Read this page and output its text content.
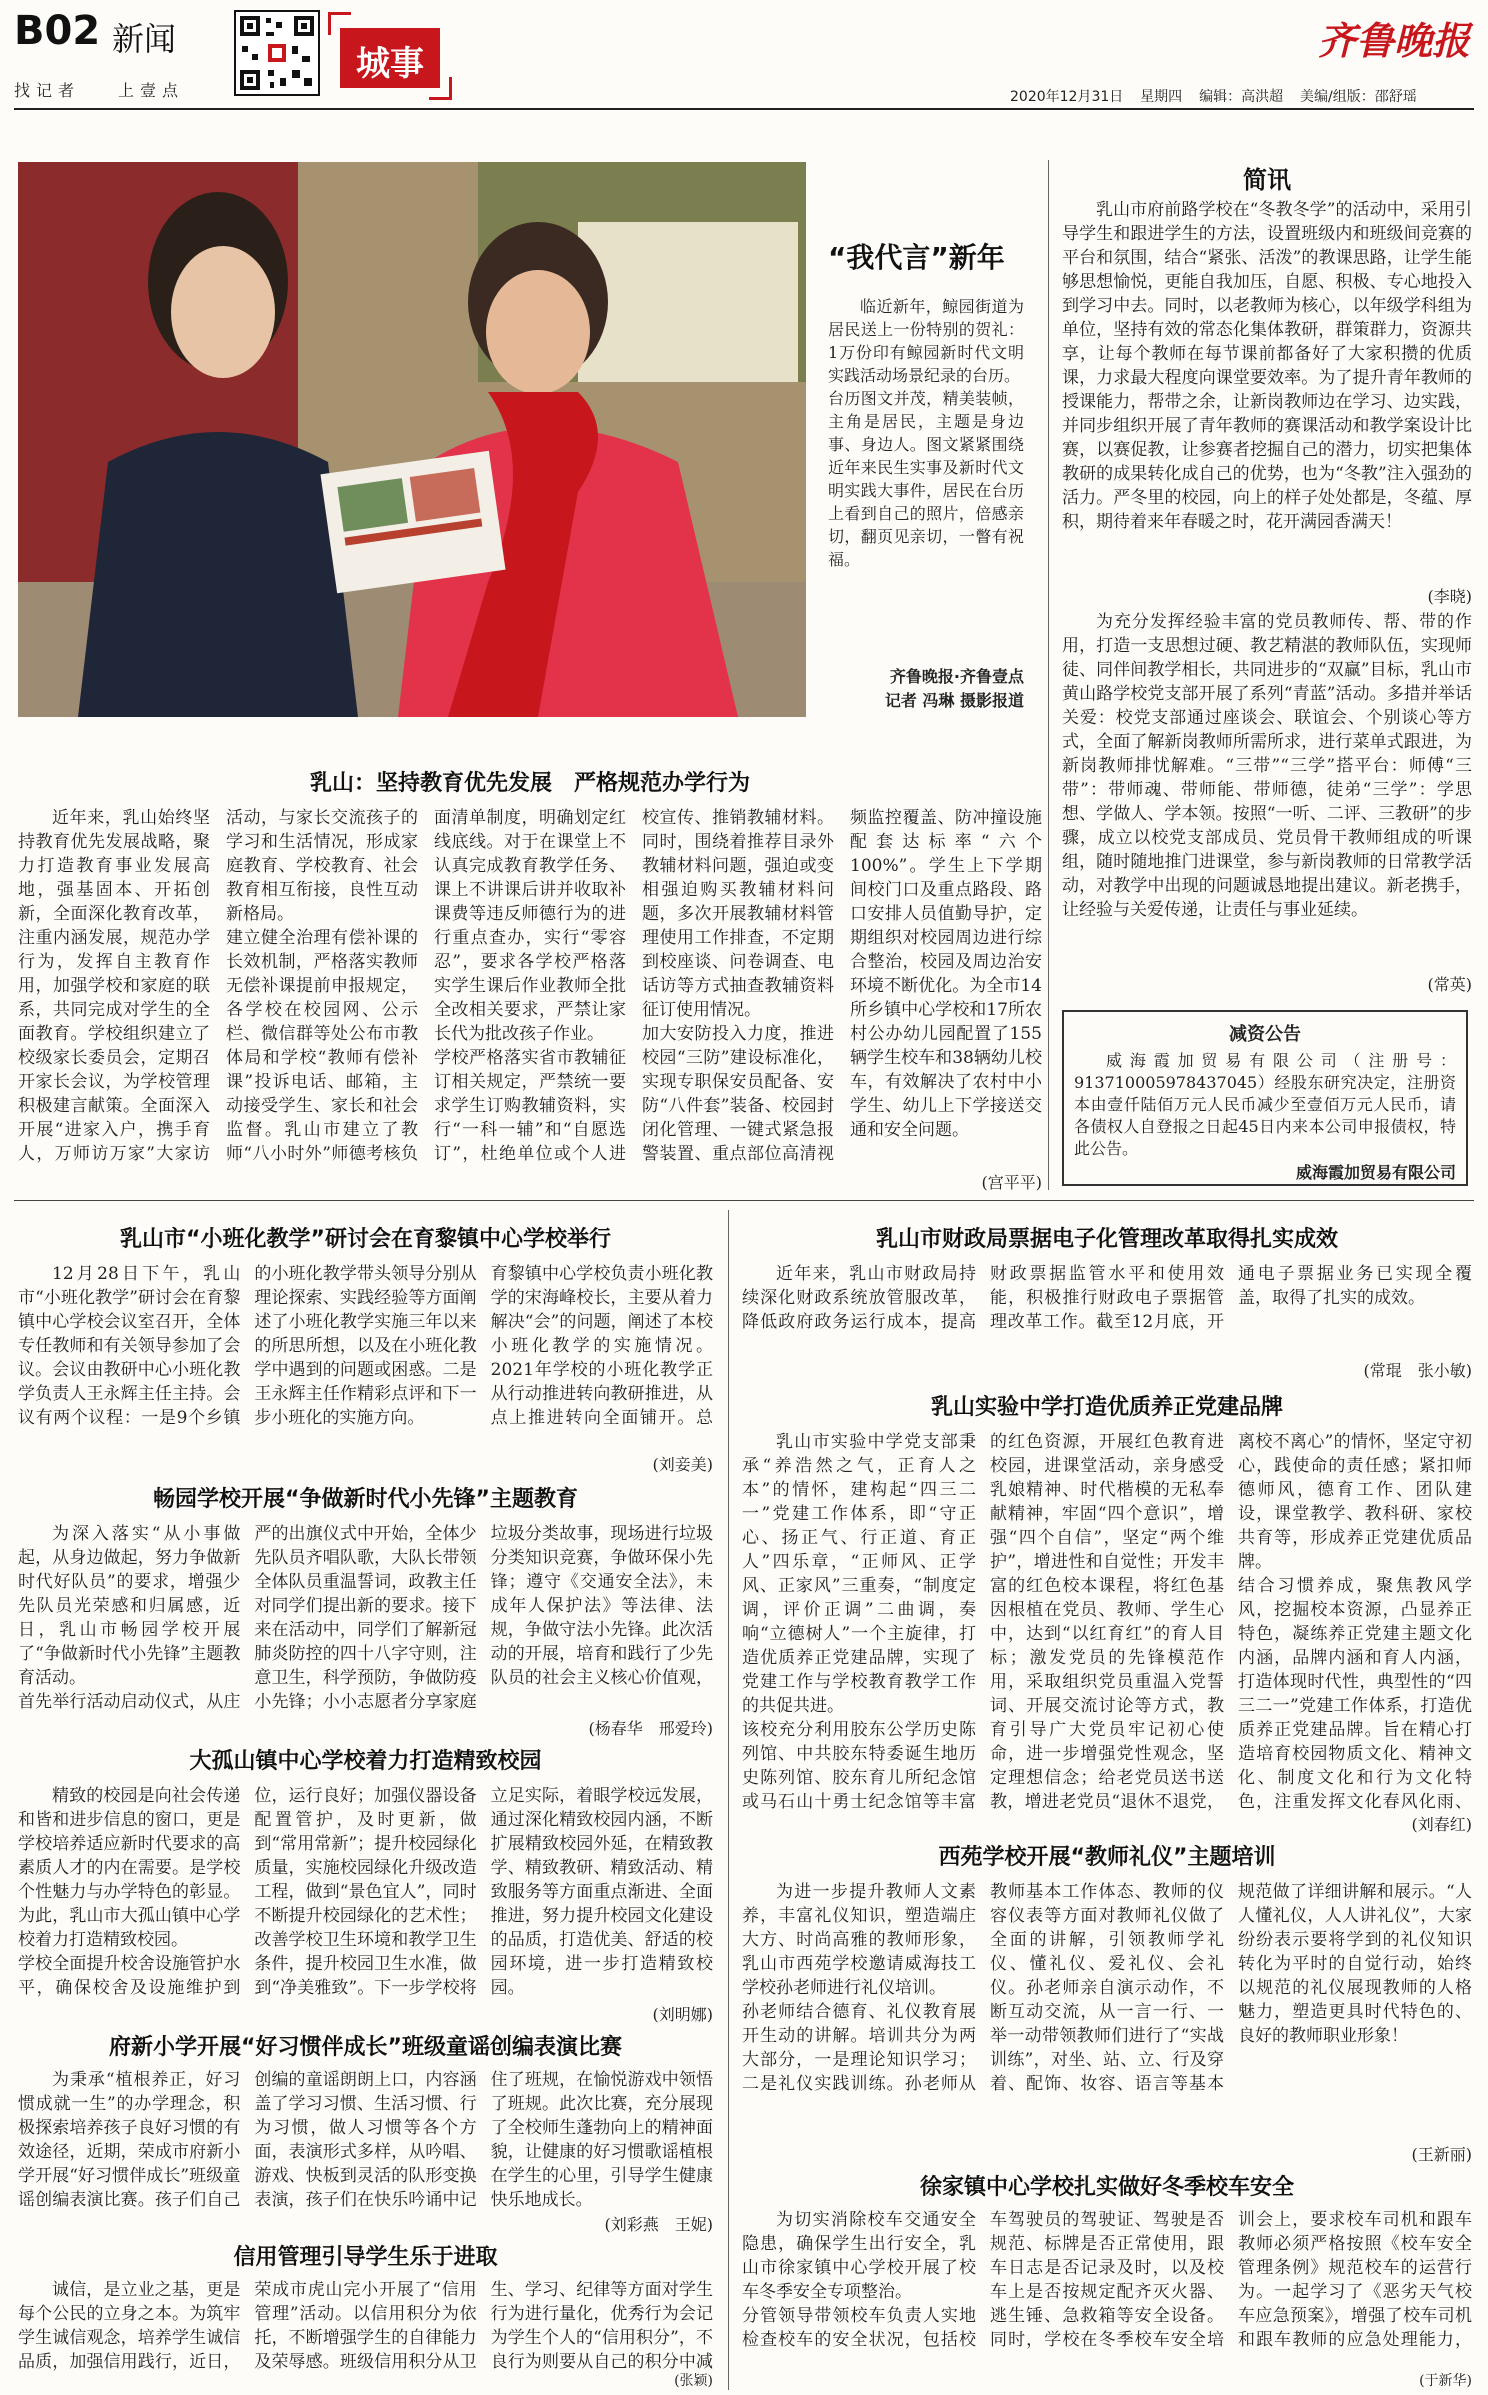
B02 新闻
找记者 上壹点
城事
齐鲁晚报
2020年12月31日 星期四 编辑：高洪超 美编/组版：邵舒瑶
“我代言”新年
临近新年，鲸园街道为居民送上一份特别的贺礼：1万份印有鲸园新时代文明实践活动场景纪录的台历。
台历图文并茂，精美装帧，主角是居民，主题是身边事、身边人。图文紧紧围绕近年来民生实事及新时代文明实践大事件，居民在台历上看到自己的照片，倍感亲切，翻页见亲切，一瞥有祝福。
齐鲁晚报·齐鲁壹点
记者 冯琳 摄影报道
简讯
乳山市府前路学校在“冬教冬学”的活动中，采用引导学生和跟进学生的方法，设置班级内和班级间竞赛的平台和氛围，结合“紧张、活泼”的教课思路，让学生能够思想愉悦，更能自我加压，自愿、积极、专心地投入到学习中去。同时，以老教师为核心，以年级学科组为单位，坚持有效的常态化集体教研，群策群力，资源共享，让每个教师在每节课前都备好了大家积攒的优质课，力求最大程度向课堂要效率。为了提升青年教师的授课能力，帮带之余，让新岗教师边在学习、边实践，并同步组织开展了青年教师的赛课活动和教学案设计比赛，以赛促教，让参赛者挖掘自己的潜力，切实把集体教研的成果转化成自己的优势，也为“冬教”注入强劲的活力。严冬里的校园，向上的样子处处都是，冬蕴、厚积，期待着来年春暖之时，花开满园香满天！
(李晓)
为充分发挥经验丰富的党员教师传、帮、带的作用，打造一支思想过硬、教艺精湛的教师队伍，实现师徒、同伴间教学相长，共同进步的“双赢”目标，乳山市黄山路学校党支部开展了系列“青蓝”活动。多措并举话关爱：校党支部通过座谈会、联谊会、个别谈心等方式，全面了解新岗教师所需所求，进行菜单式跟进，为新岗教师排忧解难。“三带”“三学”搭平台：师傅“三带”：带师魂、带师能、带师德，徒弟“三学”：学思想、学做人、学本领。按照“一听、二评、三教研”的步骤，成立以校党支部成员、党员骨干教师组成的听课组，随时随地推门进课堂，参与新岗教师的日常教学活动，对教学中出现的问题诚恳地提出建议。新老携手，让经验与关爱传递，让责任与事业延续。
(常英)
减资公告
威海霞加贸易有限公司（注册号：913710005978437045）经股东研究决定，注册资本由壹仟陆佰万元人民币减少至壹佰万元人民币，请各债权人自登报之日起45日内来本公司申报债权，特此公告。
威海霞加贸易有限公司
乳山：坚持教育优先发展　严格规范办学行为
近年来，乳山始终坚持教育优先发展战略，聚力打造教育事业发展高地，强基固本、开拓创新，全面深化教育改革，注重内涵发展，规范办学行为，发挥自主教育作用，加强学校和家庭的联系，共同完成对学生的全面教育。学校组织建立了校级家长委员会，定期召开家长会议，为学校管理积极建言献策。全面深入开展“进家入户，携手育人，万师访万家”大家访活动，与家长交流孩子的学习和生活情况，形成家庭教育、学校教育、社会教育相互衔接，良性互动新格局。
建立健全治理有偿补课的长效机制，严格落实教师无偿补课提前申报规定，各学校在校园网、公示栏、微信群等处公布市教体局和学校“教师有偿补课”投诉电话、邮箱，主动接受学生、家长和社会监督。乳山市建立了教师“八小时外”师德考核负面清单制度，明确划定红线底线。对于在课堂上不认真完成教育教学任务、课上不讲课后讲并收取补课费等违反师德行为的进行重点查办，实行“零容忍”，要求各学校严格落实学生课后作业教师全批全改相关要求，严禁让家长代为批改孩子作业。
学校严格落实省市教辅征订相关规定，严禁统一要求学生订购教辅资料，实行“一科一辅”和“自愿选订”，杜绝单位或个人进校宣传、推销教辅材料。同时，围绕着推荐目录外教辅材料问题，强迫或变相强迫购买教辅材料问题，多次开展教辅材料管理使用工作排查，不定期到校座谈、问卷调查、电话访等方式抽查教辅资料征订使用情况。
加大安防投入力度，推进校园“三防”建设标准化，实现专职保安员配备、安防“八件套”装备、校园封闭化管理、一键式紧急报警装置、重点部位高清视频监控覆盖、防冲撞设施配套达标率“六个100%”。学生上下学期间校门口及重点路段、路口安排人员值勤导护，定期组织对校园周边进行综合整治，校园及周边治安环境不断优化。为全市14所乡镇中心学校和17所农村公办幼儿园配置了155辆学生校车和38辆幼儿校车，有效解决了农村中小学生、幼儿上下学接送交通和安全问题。
(宫平平)
乳山市“小班化教学”研讨会在育黎镇中心学校举行
12月28日下午，乳山市“小班化教学”研讨会在育黎镇中心学校会议室召开，全体专任教师和有关领导参加了会议。会议由教研中心小班化教学负责人王永辉主任主持。会议有两个议程：一是9个乡镇的小班化教学带头领导分别从理论探索、实践经验等方面阐述了小班化教学实施三年以来的所思所想，以及在小班化教学中遇到的问题或困惑。二是王永辉主任作精彩点评和下一步小班化的实施方向。
育黎镇中心学校负责小班化教学的宋海峰校长，主要从着力解决“会”的问题，阐述了本校小班化教学的实施情况。2021年学校的小班化教学正从行动推进转向教研推进，从点上推进转向全面铺开。总
(刘妾美)
畅园学校开展“争做新时代小先锋”主题教育
为深入落实“从小事做起，从身边做起，努力争做新时代好队员”的要求，增强少先队员光荣感和归属感，近日，乳山市畅园学校开展了“争做新时代小先锋”主题教育活动。
首先举行活动启动仪式，从庄严的出旗仪式中开始，全体少先队员齐唱队歌，大队长带领全体队员重温誓词，政教主任对同学们提出新的要求。接下来在活动中，同学们了解新冠肺炎防控的四十八字守则，注意卫生，科学预防，争做防疫小先锋；小小志愿者分享家庭垃圾分类故事，现场进行垃圾分类知识竞赛，争做环保小先锋；遵守《交通安全法》，未成年人保护法》等法律、法规，争做守法小先锋。此次活动的开展，培育和践行了少先队员的社会主义核心价值观，
(杨春华　邢爱玲)
大孤山镇中心学校着力打造精致校园
精致的校园是向社会传递和皆和进步信息的窗口，更是学校培养适应新时代要求的高素质人才的内在需要。是学校个性魅力与办学特色的彰显。为此，乳山市大孤山镇中心学校着力打造精致校园。
学校全面提升校舍设施管护水平，确保校舍及设施维护到位，运行良好；加强仪器设备配置管护，及时更新，做到“常用常新”；提升校园绿化质量，实施校园绿化升级改造工程，做到“景色宜人”，同时不断提升校园绿化的艺术性；改善学校卫生环境和教学卫生条件，提升校园卫生水准，做到“净美雅致”。下一步学校将立足实际，着眼学校远发展，通过深化精致校园内涵，不断扩展精致校园外延，在精致教学、精致教研、精致活动、精致服务等方面重点渐进、全面推进，努力提升校园文化建设的品质，打造优美、舒适的校园环境，进一步打造精致校园。
(刘明娜)
府新小学开展“好习惯伴成长”班级童谣创编表演比赛
为秉承“植根养正，好习惯成就一生”的办学理念，积极探索培养孩子良好习惯的有效途径，近期，荣成市府新小学开展“好习惯伴成长”班级童谣创编表演比赛。孩子们自己创编的童谣朗朗上口，内容涵盖了学习习惯、生活习惯、行为习惯，做人习惯等各个方面，表演形式多样，从吟唱、游戏、快板到灵活的队形变换表演，孩子们在快乐吟诵中记住了班规，在愉悦游戏中领悟了班规。此次比赛，充分展现了全校师生蓬勃向上的精神面貌，让健康的好习惯歌谣植根在学生的心里，引导学生健康快乐地成长。
(刘彩燕　王妮)
信用管理引导学生乐于进取
诚信，是立业之基，更是每个公民的立身之本。为筑牢学生诚信观念，培养学生诚信品质，加强信用践行，近日，荣成市虎山完小开展了“信用管理”活动。以信用积分为依托，不断增强学生的自律能力及荣辱感。班级信用积分从卫生、学习、纪律等方面对学生行为进行量化，优秀行为会记为学生个人的“信用积分”，不良行为则要从自己的积分中减
(张颖)
乳山市财政局票据电子化管理改革取得扎实成效
近年来，乳山市财政局持续深化财政系统放管服改革，降低政府政务运行成本，提高财政票据监管水平和使用效能，积极推行财政电子票据管理改革工作。截至12月底，开通电子票据业务已实现全覆盖，取得了扎实的成效。
(常琨　张小敏)
乳山实验中学打造优质养正党建品牌
乳山市实验中学党支部秉承“养浩然之气，正育人之本”的情怀，建构起“四三二一”党建工作体系，即“守正心、扬正气、行正道、育正人”四乐章，“正师风、正学风、正家风”三重奏，“制度定调，评价正调”二曲调，奏响“立德树人”一个主旋律，打造优质养正党建品牌，实现了党建工作与学校教育教学工作的共促共进。
该校充分利用胶东公学历史陈列馆、中共胶东特委诞生地历史陈列馆、胶东育儿所纪念馆或马石山十勇士纪念馆等丰富的红色资源，开展红色教育进校园，进课堂活动，亲身感受乳娘精神、时代楷模的无私奉献精神，牢固“四个意识”，增强“四个自信”，坚定“两个维护”，增进性和自觉性；开发丰富的红色校本课程，将红色基因根植在党员、教师、学生心中，达到“以红育红”的育人目标；激发党员的先锋模范作用，采取组织党员重温入党誓词、开展交流讨论等方式，教育引导广大党员牢记初心使命，进一步增强党性观念，坚定理想信念；给老党员送书送教，增进老党员“退休不退党，离校不离心”的情怀，坚定守初心，践使命的责任感；紧扣师德师风，德育工作、团队建设，课堂教学、教科研、家校共育等，形成养正党建优质品牌。
结合习惯养成，聚焦教风学风，挖掘校本资源，凸显养正特色，凝练养正党建主题文化内涵，品牌内涵和育人内涵，打造体现时代性，典型性的“四三二一”党建工作体系，打造优质养正党建品牌。旨在精心打造培育校园物质文化、精神文化、制度文化和行为文化特色，注重发挥文化春风化雨、
(刘春红)
西苑学校开展“教师礼仪”主题培训
为进一步提升教师人文素养，丰富礼仪知识，塑造端庄大方、时尚高雅的教师形象，乳山市西苑学校邀请威海技工学校孙老师进行礼仪培训。
孙老师结合德育、礼仪教育展开生动的讲解。培训共分为两大部分，一是理论知识学习；二是礼仪实践训练。孙老师从教师基本工作体态、教师的仪容仪表等方面对教师礼仪做了全面的讲解，引领教师学礼仪、懂礼仪、爱礼仪、会礼仪。孙老师亲自演示动作，不断互动交流，从一言一行、一举一动带领教师们进行了“实战训练”，对坐、站、立、行及穿着、配饰、妆容、语言等基本规范做了详细讲解和展示。“人人懂礼仪，人人讲礼仪”，大家纷纷表示要将学到的礼仪知识转化为平时的自觉行动，始终以规范的礼仪展现教师的人格魅力，塑造更具时代特色的、良好的教师职业形象！
(王新丽)
徐家镇中心学校扎实做好冬季校车安全
为切实消除校车交通安全隐患，确保学生出行安全，乳山市徐家镇中心学校开展了校车冬季安全专项整治。
分管领导带领校车负责人实地检查校车的安全状况，包括校车驾驶员的驾驶证、驾驶是否规范、标牌是否正常使用，跟车日志是否记录及时，以及校车上是否按规定配齐灭火器、逃生锤、急救箱等安全设备。同时，学校在冬季校车安全培训会上，要求校车司机和跟车教师必须严格按照《校车安全管理条例》规范校车的运营行为。一起学习了《恶劣天气校车应急预案》，增强了校车司机和跟车教师的应急处理能力，
(于新华)
